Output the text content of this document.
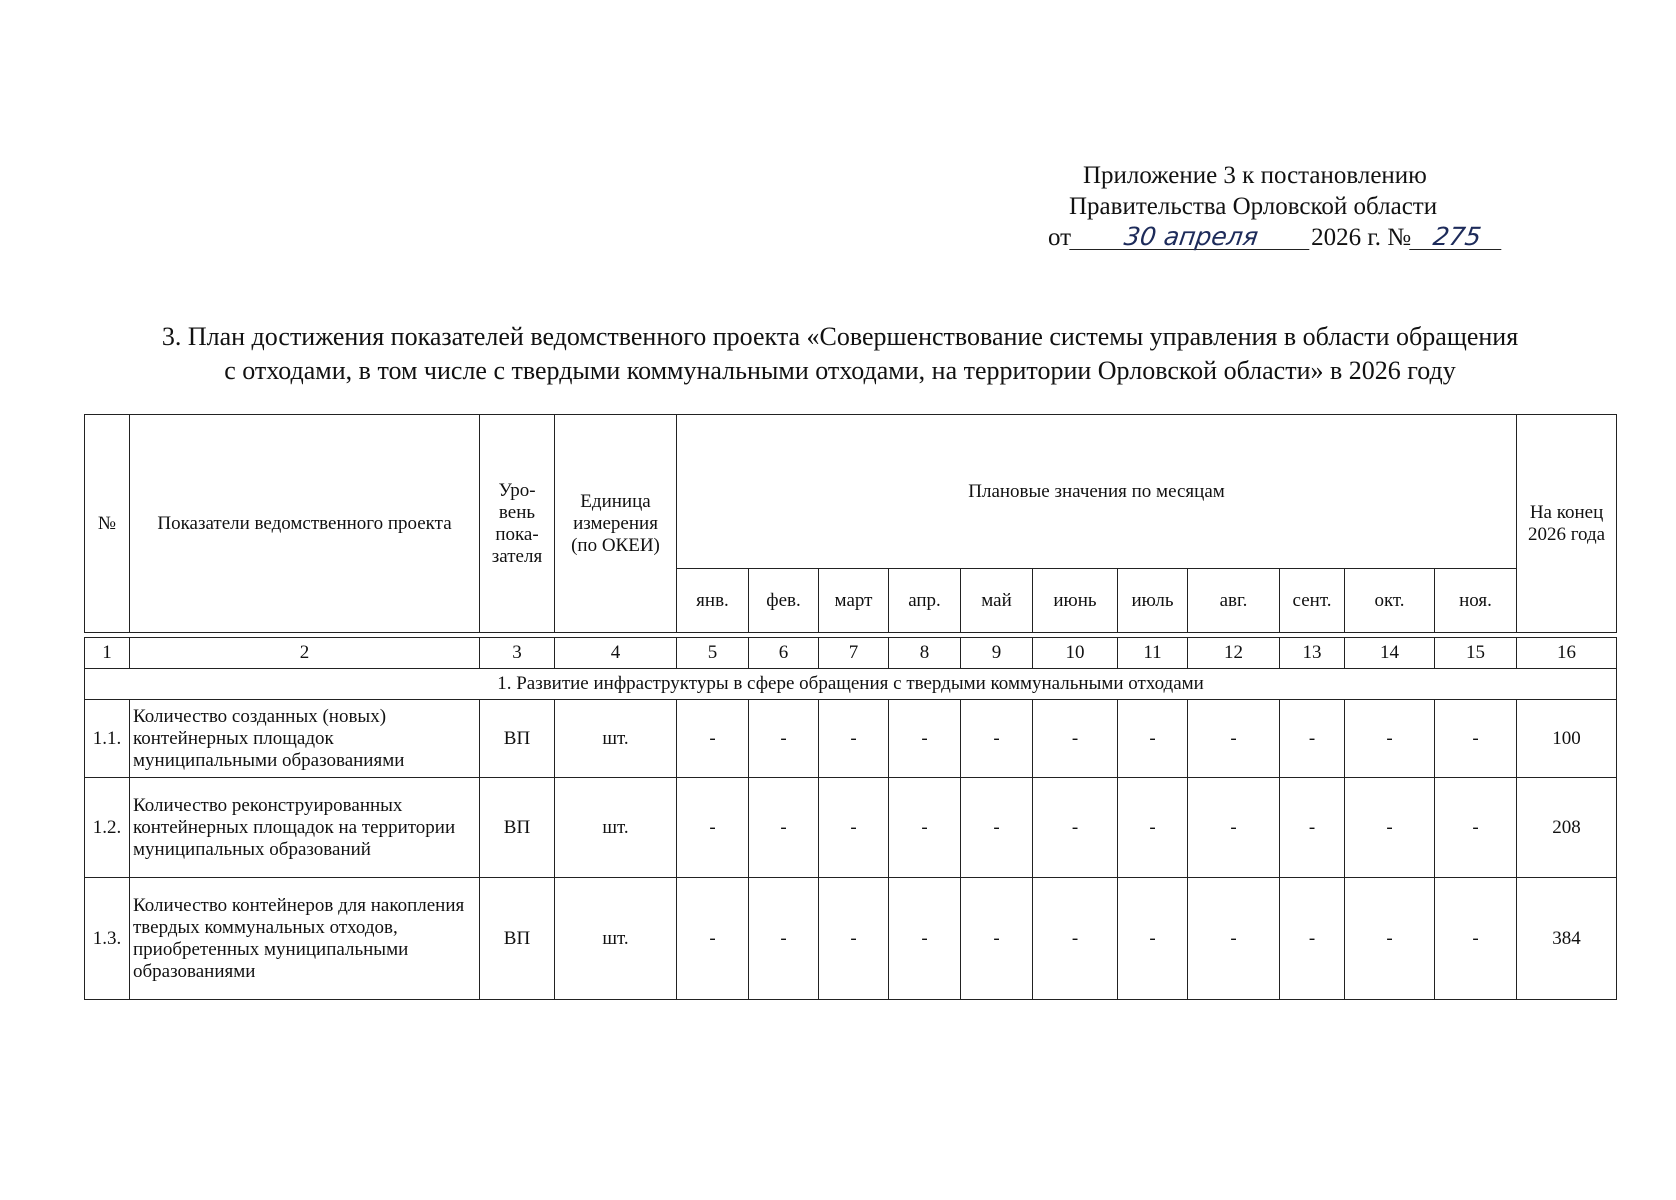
Приложение 3 к постановлению
Правительства Орловской области
от 30 апреля 2026 г. № 275
3. План достижения показателей ведомственного проекта «Совершенствование системы управления в области обращения
с отходами, в том числе с твердыми коммунальными отходами, на территории Орловской области» в 2026 году
№	Показатели ведомственного проекта	Уро-вень пока-зателя	Единица измерения (по ОКЕИ)	Плановые значения по месяцам											На конец 2026 года
				янв.	фев.	март	апр.	май	июнь	июль	авг.	сент.	окт.	ноя.	

1	2	3	4	5	6	7	8	9	10	11	12	13	14	15	16
1. Развитие инфраструктуры в сфере обращения с твердыми коммунальными отходами															
1.1.	Количество созданных (новых) контейнерных площадок муниципальными образованиями	ВП	шт.	-	-	-	-	-	-	-	-	-	-	-	100
1.2.	Количество реконструированных контейнерных площадок на территории муниципальных образований	ВП	шт.	-	-	-	-	-	-	-	-	-	-	-	208
1.3.	Количество контейнеров для накопления твердых коммунальных отходов, приобретенных муниципальными образованиями	ВП	шт.	-	-	-	-	-	-	-	-	-	-	-	384
